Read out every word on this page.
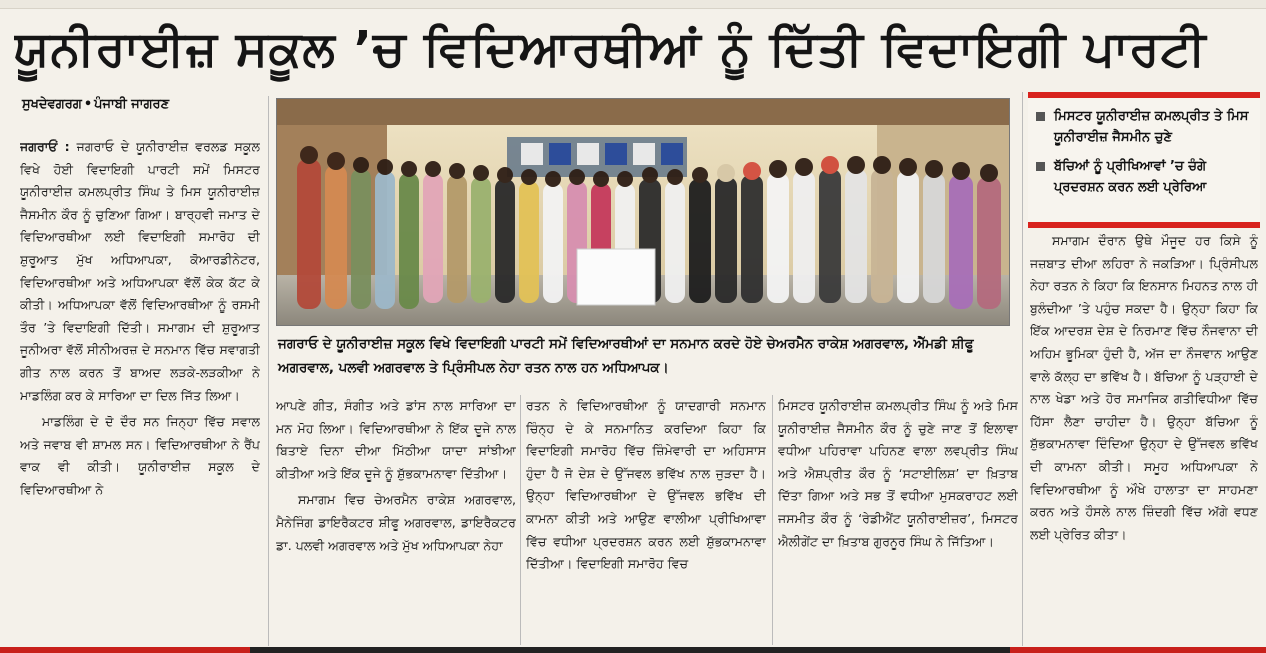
ਯੂਨੀਰਾਈਜ਼ ਸਕੂਲ ’ਚ ਵਿਦਿਆਰਥੀਆਂ ਨੂੰ ਦਿੱਤੀ ਵਿਦਾਇਗੀ ਪਾਰਟੀ
ਸੁਖਦੇਵਗਰਗ • ਪੰਜਾਬੀ ਜਾਗਰਣ

ਜਗਰਾਓਂ : ਜਗਰਾਓ ਦੇ ਯੂਨੀਰਾਈਜ਼ ਵਰਲਡ ਸਕੂਲ ਵਿਖੇ ਹੋਈ ਵਿਦਾਇਗੀ ਪਾਰਟੀ ਸਮੇਂ ਮਿਸਟਰ ਯੂਨੀਰਾਈਜ਼ ਕਮਲਪ੍ਰੀਤ ਸਿੰਘ ਤੇ ਮਿਸ ਯੂਨੀਰਾਈਜ਼ ਜੈਸਮੀਨ ਕੌਰ ਨੂੰ ਚੁਣਿਆ ਗਿਆ। ਬਾਰ੍ਹਵੀ ਜਮਾਤ ਦੇ ਵਿਦਿਆਰਥੀਆ ਲਈ ਵਿਦਾਇਗੀ ਸਮਾਰੋਹ ਦੀ ਸ਼ੁਰੂਆਤ ਮੁੱਖ ਅਧਿਆਪਕਾ, ਕੋਆਰਡੀਨੇਟਰ, ਵਿਦਿਆਰਥੀਆ ਅਤੇ ਅਧਿਆਪਕਾ ਵੱਲੋਂ ਕੇਕ ਕੱਟ ਕੇ ਕੀਤੀ। ਅਧਿਆਪਕਾ ਵੱਲੋਂ ਵਿਦਿਆਰਥੀਆ ਨੂੰ ਰਸਮੀ ਤੌਰ ’ਤੇ ਵਿਦਾਇਗੀ ਦਿੱਤੀ। ਸਮਾਗਮ ਦੀ ਸ਼ੁਰੂਆਤ ਜੂਨੀਅਰਾ ਵੱਲੋਂ ਸੀਨੀਅਰਜ਼ ਦੇ ਸਨਮਾਨ ਵਿੱਚ ਸਵਾਗਤੀ ਗੀਤ ਨਾਲ ਕਰਨ ਤੋਂ ਬਾਅਦ ਲੜਕੇ-ਲੜਕੀਆ ਨੇ ਮਾਡਲਿੰਗ ਕਰ ਕੇ ਸਾਰਿਆ ਦਾ ਦਿਲ ਜਿੱਤ ਲਿਆ।

ਮਾਡਲਿੰਗ ਦੇ ਦੋ ਦੌਰ ਸਨ ਜਿਨ੍ਹਾ ਵਿੱਚ ਸਵਾਲ ਅਤੇ ਜਵਾਬ ਵੀ ਸ਼ਾਮਲ ਸਨ। ਵਿਦਿਆਰਥੀਆ ਨੇ ਰੈਂਪ ਵਾਕ ਵੀ ਕੀਤੀ। ਯੂਨੀਰਾਈਜ਼ ਸਕੂਲ ਦੇ ਵਿਦਿਆਰਥੀਆ ਨੇ

ਜਗਰਾਓ ਦੇ ਯੂਨੀਰਾਈਜ਼ ਸਕੂਲ ਵਿਖੇ ਵਿਦਾਇਗੀ ਪਾਰਟੀ ਸਮੇਂ ਵਿਦਿਆਰਥੀਆਂ ਦਾ ਸਨਮਾਨ ਕਰਦੇ ਹੋਏ ਚੇਅਰਮੈਨ ਰਾਕੇਸ਼ ਅਗਰਵਾਲ, ਐੱਮਡੀ ਸ਼ੀਫੂ ਅਗਰਵਾਲ, ਪਲਵੀ ਅਗਰਵਾਲ ਤੇ ਪ੍ਰਿੰਸੀਪਲ ਨੇਹਾ ਰਤਨ ਨਾਲ ਹਨ ਅਧਿਆਪਕ।

ਆਪਣੇ ਗੀਤ, ਸੰਗੀਤ ਅਤੇ ਡਾਂਸ ਨਾਲ ਸਾਰਿਆ ਦਾ ਮਨ ਮੋਹ ਲਿਆ। ਵਿਦਿਆਰਥੀਆ ਨੇ ਇੱਕ ਦੂਜੇ ਨਾਲ ਬਿਤਾਏ ਦਿਨਾ ਦੀਆ ਮਿੱਠੀਆ ਯਾਦਾ ਸਾਂਝੀਆ ਕੀਤੀਆ ਅਤੇ ਇੱਕ ਦੂਜੇ ਨੂੰ ਸ਼ੁੱਭਕਾਮਨਾਵਾ ਦਿੱਤੀਆ।

ਸਮਾਗਮ ਵਿਚ ਚੇਅਰਮੈਨ ਰਾਕੇਸ਼ ਅਗਰਵਾਲ, ਮੈਨੇਜਿੰਗ ਡਾਇਰੈਕਟਰ ਸ਼ੀਫੂ ਅਗਰਵਾਲ, ਡਾਇਰੈਕਟਰ ਡਾ. ਪਲਵੀ ਅਗਰਵਾਲ ਅਤੇ ਮੁੱਖ ਅਧਿਆਪਕਾ ਨੇਹਾ

ਰਤਨ ਨੇ ਵਿਦਿਆਰਥੀਆ ਨੂੰ ਯਾਦਗਾਰੀ ਸਨਮਾਨ ਚਿੰਨ੍ਹ ਦੇ ਕੇ ਸਨਮਾਨਿਤ ਕਰਦਿਆ ਕਿਹਾ ਕਿ ਵਿਦਾਇਗੀ ਸਮਾਰੋਹ ਵਿੱਚ ਜ਼ਿੰਮੇਵਾਰੀ ਦਾ ਅਹਿਸਾਸ ਹੁੰਦਾ ਹੈ ਜੋ ਦੇਸ਼ ਦੇ ਉੱਜਵਲ ਭਵਿੱਖ ਨਾਲ ਜੁੜਦਾ ਹੈ। ਉਨ੍ਹਾ ਵਿਦਿਆਰਥੀਆ ਦੇ ਉੱਜਵਲ ਭਵਿੱਖ ਦੀ ਕਾਮਨਾ ਕੀਤੀ ਅਤੇ ਆਉਣ ਵਾਲੀਆ ਪ੍ਰੀਖਿਆਵਾ ਵਿੱਚ ਵਧੀਆ ਪ੍ਰਦਰਸ਼ਨ ਕਰਨ ਲਈ ਸ਼ੁੱਭਕਾਮਨਾਵਾ ਦਿੱਤੀਆ। ਵਿਦਾਇਗੀ ਸਮਾਰੋਹ ਵਿਚ

ਮਿਸਟਰ ਯੂਨੀਰਾਈਜ਼ ਕਮਲਪ੍ਰੀਤ ਸਿੰਘ ਨੂੰ ਅਤੇ ਮਿਸ ਯੂਨੀਰਾਈਜ਼ ਜੈਸਮੀਨ ਕੌਰ ਨੂੰ ਚੁਣੇ ਜਾਣ ਤੋਂ ਇਲਾਵਾ ਵਧੀਆ ਪਹਿਰਾਵਾ ਪਹਿਨਣ ਵਾਲਾ ਲਵਪ੍ਰੀਤ ਸਿੰਘ ਅਤੇ ਐਸ਼ਪ੍ਰੀਤ ਕੌਰ ਨੂੰ ‘ਸਟਾਈਲਿਸ਼’ ਦਾ ਖ਼ਿਤਾਬ ਦਿੱਤਾ ਗਿਆ ਅਤੇ ਸਭ ਤੋਂ ਵਧੀਆ ਮੁਸਕਰਾਹਟ ਲਈ ਜਸਮੀਤ ਕੌਰ ਨੂੰ ‘ਰੇਡੀਐਂਟ ਯੂਨੀਰਾਈਜ਼ਰ’, ਮਿਸਟਰ ਐਲੀਗੇਂਟ ਦਾ ਖ਼ਿਤਾਬ ਗੁਰਨੂਰ ਸਿੰਘ ਨੇ ਜਿੱਤਿਆ।

ਮਿਸਟਰ ਯੂਨੀਰਾਈਜ਼ ਕਮਲਪ੍ਰੀਤ ਤੇ ਮਿਸ ਯੂਨੀਰਾਈਜ਼ ਜੈਸਮੀਨ ਚੁਣੇ
ਬੱਚਿਆਂ ਨੂੰ ਪ੍ਰੀਖਿਆਵਾਂ ’ਚ ਚੰਗੇ ਪ੍ਰਦਰਸ਼ਨ ਕਰਨ ਲਈ ਪ੍ਰੇਰਿਆ

ਸਮਾਗਮ ਦੌਰਾਨ ਉਥੇ ਮੌਜੂਦ ਹਰ ਕਿਸੇ ਨੂੰ ਜਜ਼ਬਾਤ ਦੀਆ ਲਹਿਰਾ ਨੇ ਜਕੜਿਆ। ਪ੍ਰਿੰਸੀਪਲ ਨੇਹਾ ਰਤਨ ਨੇ ਕਿਹਾ ਕਿ ਇਨਸਾਨ ਮਿਹਨਤ ਨਾਲ ਹੀ ਬੁਲੰਦੀਆ ’ਤੇ ਪਹੁੰਚ ਸਕਦਾ ਹੈ। ਉਨ੍ਹਾ ਕਿਹਾ ਕਿ ਇੱਕ ਆਦਰਸ਼ ਦੇਸ਼ ਦੇ ਨਿਰਮਾਣ ਵਿੱਚ ਨੌਜਵਾਨਾ ਦੀ ਅਹਿਮ ਭੂਮਿਕਾ ਹੁੰਦੀ ਹੈ, ਅੱਜ ਦਾ ਨੌਜਵਾਨ ਆਉਣ ਵਾਲੇ ਕੱਲ੍ਹ ਦਾ ਭਵਿੱਖ ਹੈ। ਬੱਚਿਆ ਨੂੰ ਪੜ੍ਹਾਈ ਦੇ ਨਾਲ ਖੇਡਾ ਅਤੇ ਹੋਰ ਸਮਾਜਿਕ ਗਤੀਵਿਧੀਆ ਵਿੱਚ ਹਿੱਸਾ ਲੈਣਾ ਚਾਹੀਦਾ ਹੈ। ਉਨ੍ਹਾ ਬੱਚਿਆ ਨੂੰ ਸ਼ੁੱਭਕਾਮਨਾਵਾ ਦਿੰਦਿਆ ਉਨ੍ਹਾ ਦੇ ਉੱਜਵਲ ਭਵਿੱਖ ਦੀ ਕਾਮਨਾ ਕੀਤੀ। ਸਮੂਹ ਅਧਿਆਪਕਾ ਨੇ ਵਿਦਿਆਰਥੀਆ ਨੂੰ ਔਖੇ ਹਾਲਾਤਾ ਦਾ ਸਾਹਮਣਾ ਕਰਨ ਅਤੇ ਹੌਸਲੇ ਨਾਲ ਜ਼ਿੰਦਗੀ ਵਿੱਚ ਅੱਗੇ ਵਧਣ ਲਈ ਪ੍ਰੇਰਿਤ ਕੀਤਾ।
